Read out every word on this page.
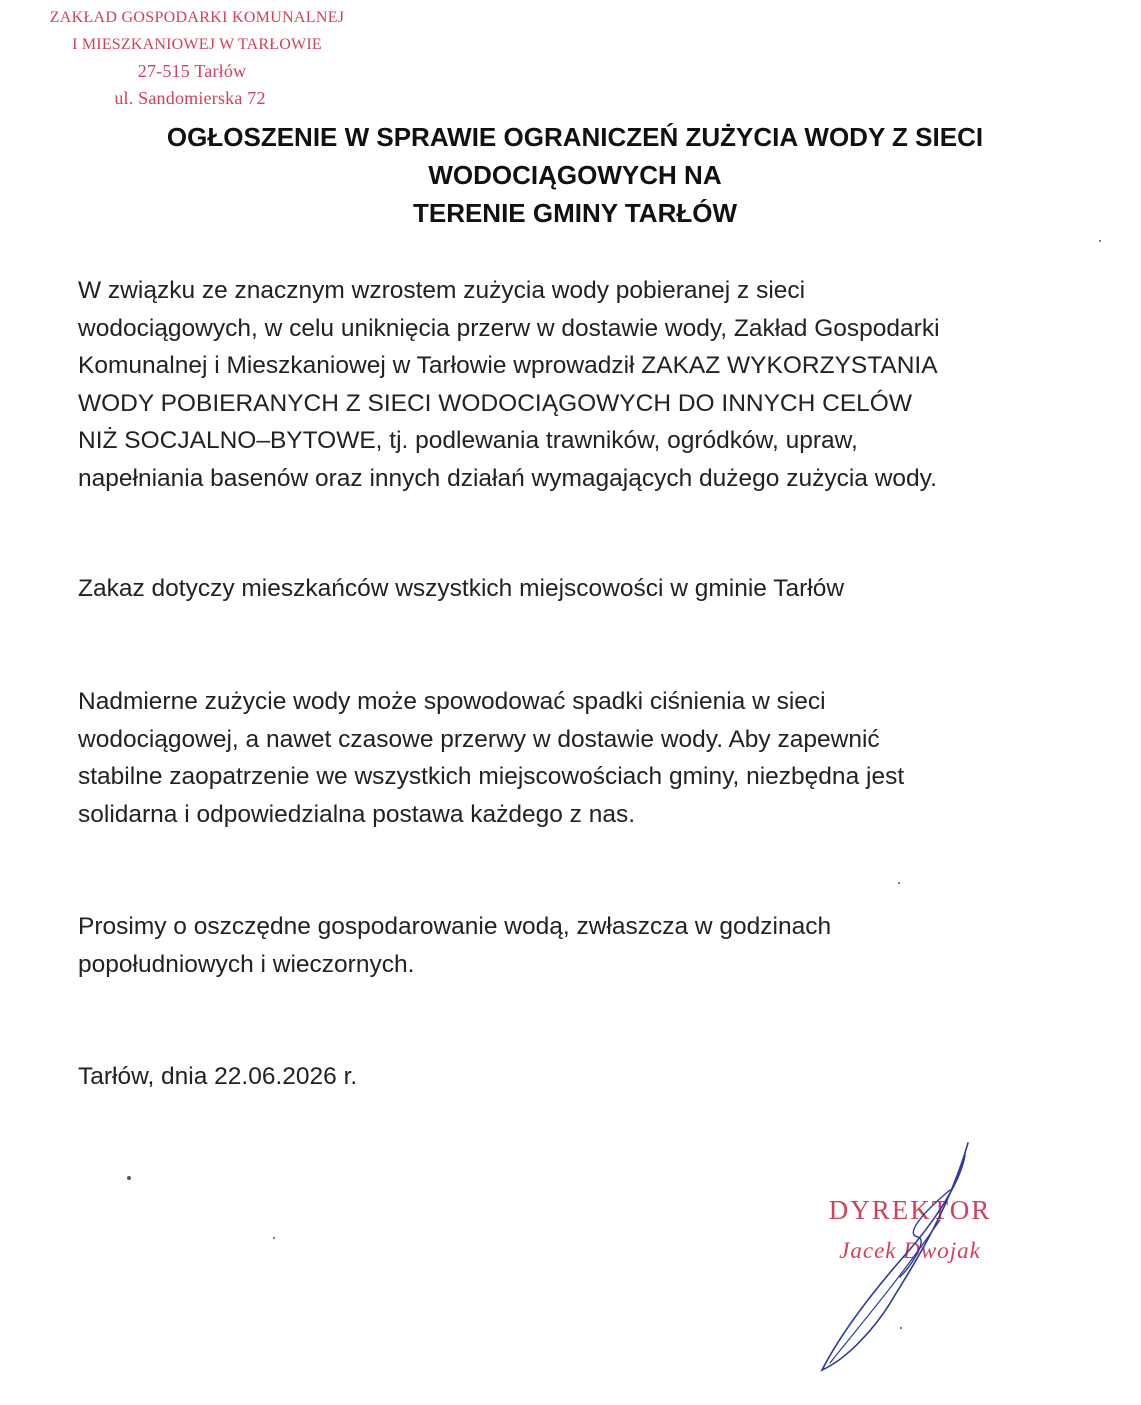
ZAKŁAD GOSPODARKI KOMUNALNEJ
I MIESZKANIOWEJ W TARŁOWIE
27-515 Tarłów
ul. Sandomierska 72
OGŁOSZENIE W SPRAWIE OGRANICZEŃ ZUŻYCIA WODY Z SIECI
WODOCIĄGOWYCH NA
TERENIE GMINY TARŁÓW
W związku ze znacznym wzrostem zużycia wody pobieranej z sieci
wodociągowych, w celu uniknięcia przerw w dostawie wody, Zakład Gospodarki
Komunalnej i Mieszkaniowej w Tarłowie wprowadził ZAKAZ WYKORZYSTANIA
WODY POBIERANYCH Z SIECI WODOCIĄGOWYCH DO INNYCH CELÓW
NIŻ SOCJALNO–BYTOWE, tj. podlewania trawników, ogródków, upraw,
napełniania basenów oraz innych działań wymagających dużego zużycia wody.
Zakaz dotyczy mieszkańców wszystkich miejscowości w gminie Tarłów
Nadmierne zużycie wody może spowodować spadki ciśnienia w sieci
wodociągowej, a nawet czasowe przerwy w dostawie wody. Aby zapewnić
stabilne zaopatrzenie we wszystkich miejscowościach gminy, niezbędna jest
solidarna i odpowiedzialna postawa każdego z nas.
Prosimy o oszczędne gospodarowanie wodą, zwłaszcza w godzinach
popołudniowych i wieczornych.
Tarłów, dnia 22.06.2026 r.
DYREKTOR
Jacek Dwojak
